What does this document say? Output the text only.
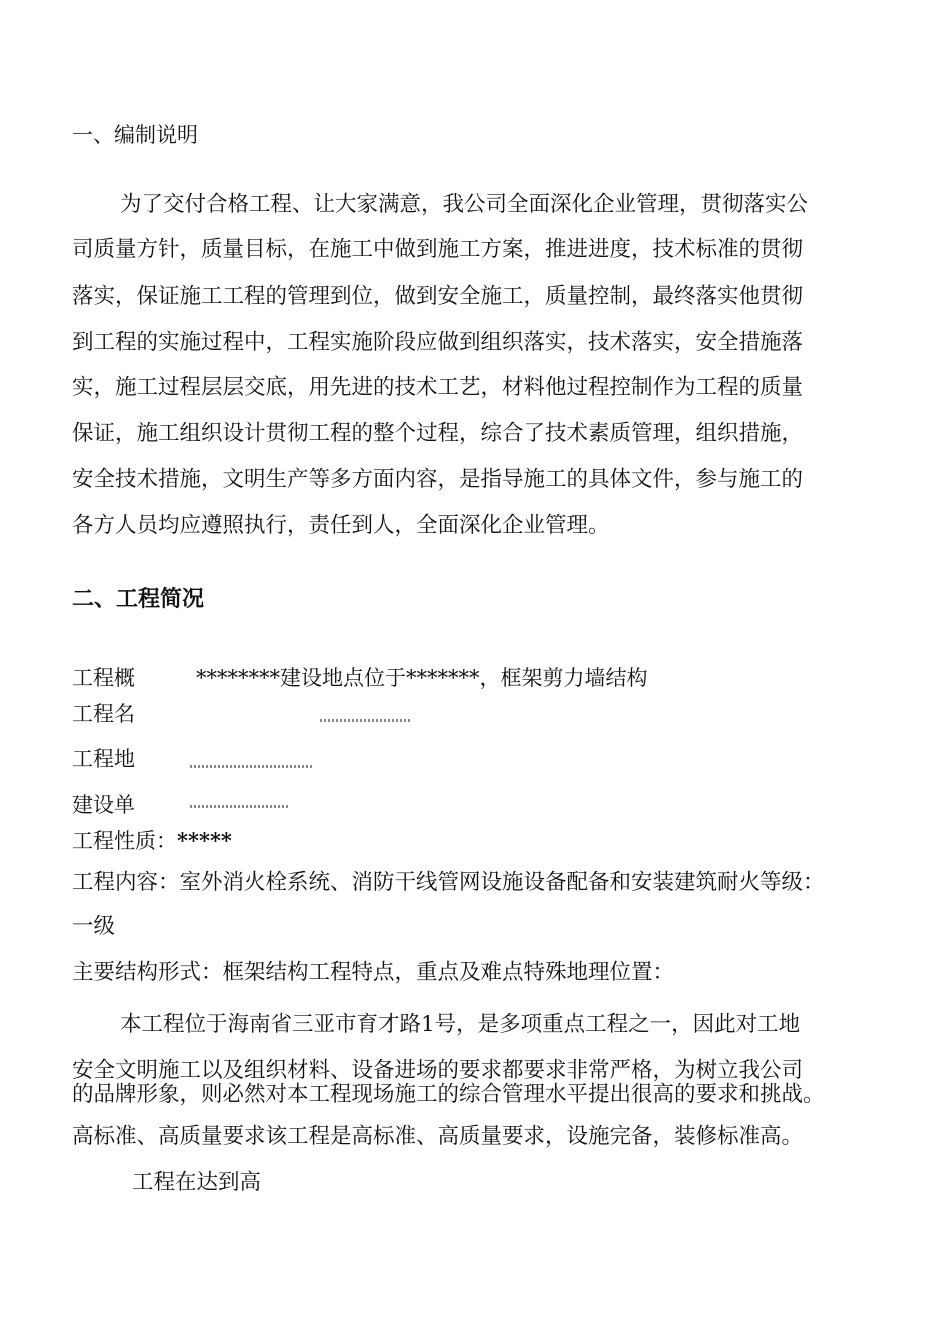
一、编制说明
为了交付合格工程、让大家满意，我公司全面深化企业管理，贯彻落实公
司质量方针，质量目标，在施工中做到施工方案，推进进度，技术标准的贯彻
落实，保证施工工程的管理到位，做到安全施工，质量控制，最终落实他贯彻
到工程的实施过程中，工程实施阶段应做到组织落实，技术落实，安全措施落
实，施工过程层层交底，用先进的技术工艺，材料他过程控制作为工程的质量
保证，施工组织设计贯彻工程的整个过程，综合了技术素质管理，组织措施，
安全技术措施，文明生产等多方面内容，是指导施工的具体文件，参与施工的
各方人员均应遵照执行，责任到人，全面深化企业管理。
二、工程简况
工程概	********建设地点位于*******，框架剪力墙结构
工程名
工程地
建设单
工程性质：*****
工程内容：室外消火栓系统、消防干线管网设施设备配备和安装建筑耐火等级：
一级
主要结构形式：框架结构工程特点，重点及难点特殊地理位置：
本工程位于海南省三亚市育才路1号，是多项重点工程之一，因此对工地
安全文明施工以及组织材料、设备进场的要求都要求非常严格，为树立我公司
的品牌形象，则必然对本工程现场施工的综合管理水平提出很高的要求和挑战。
高标准、高质量要求该工程是高标准、高质量要求，设施完备，装修标准高。
工程在达到高
